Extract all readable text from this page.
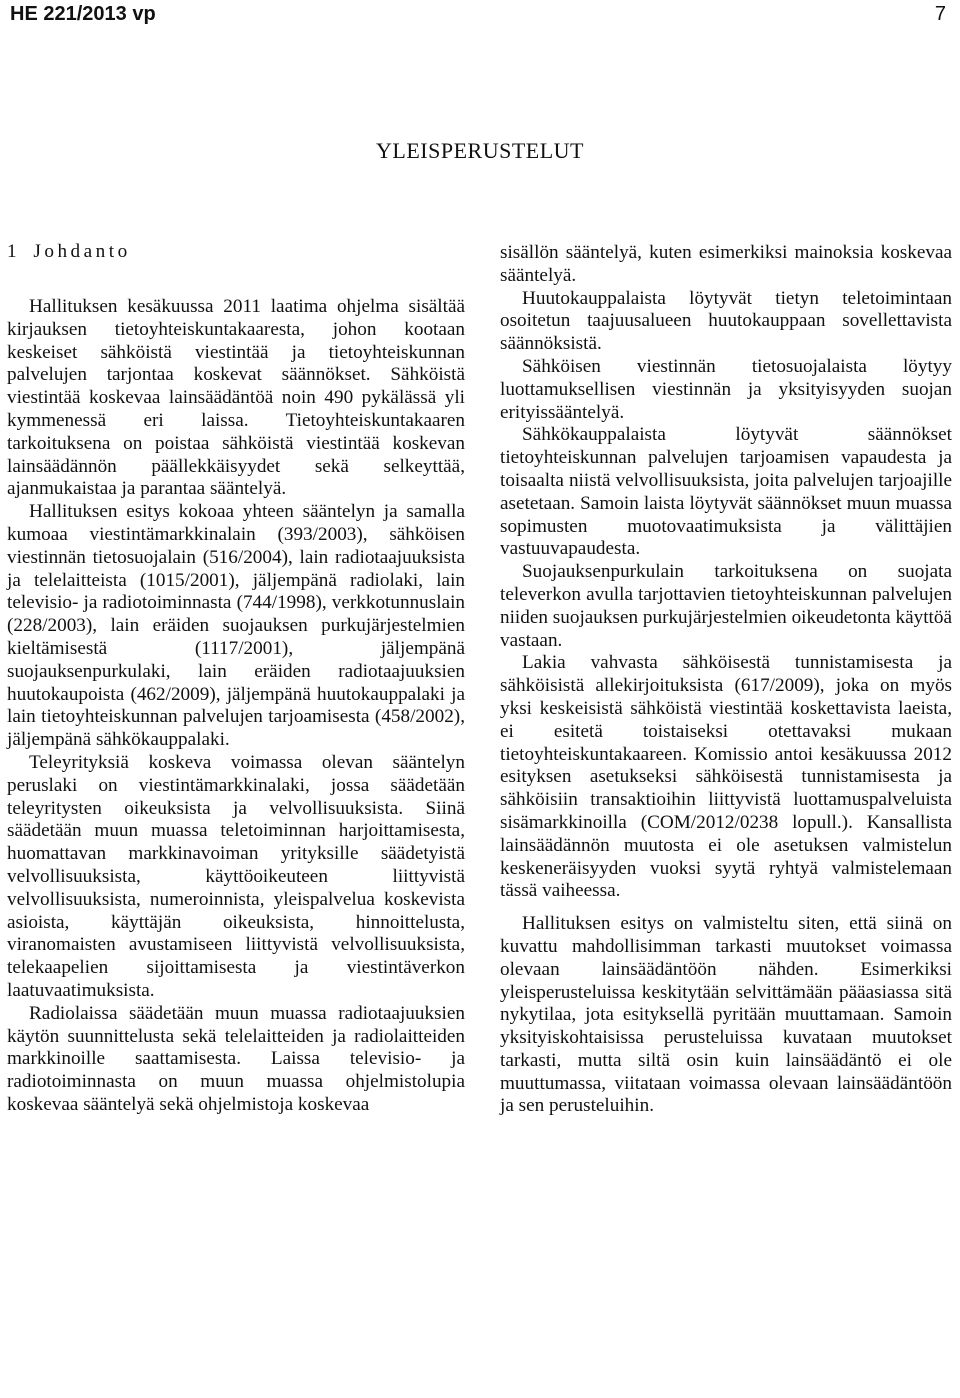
HE 221/2013 vp	7
YLEISPERUSTELUT
1 Johdanto

Hallituksen kesäkuussa 2011 laatima ohjelma sisältää kirjauksen tietoyhteiskuntakaaresta, johon kootaan keskeiset sähköistä viestintää ja tietoyhteiskunnan palvelujen tarjontaa koskevat säännökset. Sähköistä viestintää koskevaa lainsäädäntöä noin 490 pykälässä yli kymmenessä eri laissa. Tietoyhteiskuntakaaren tarkoituksena on poistaa sähköistä viestintää koskevan lainsäädännön päällekkäisyydet sekä selkeyttää, ajanmukaistaa ja parantaa sääntelyä.

Hallituksen esitys kokoaa yhteen sääntelyn ja samalla kumoaa viestintämarkkinalain (393/2003), sähköisen viestinnän tietosuojalain (516/2004), lain radiotaajuuksista ja telelaitteista (1015/2001), jäljempänä radiolaki, lain televisio- ja radiotoiminnasta (744/1998), verkkotunnuslain (228/2003), lain eräiden suojauksen purkujärjestelmien kieltämisestä (1117/2001), jäljempänä suojauksenpurkulaki, lain eräiden radiotaajuuksien huutokaupoista (462/2009), jäljempänä huutokauppalaki ja lain tietoyhteiskunnan palvelujen tarjoamisesta (458/2002), jäljempänä sähkökauppalaki.

Teleyrityksiä koskeva voimassa olevan sääntelyn peruslaki on viestintämarkkinalaki, jossa säädetään teleyritysten oikeuksista ja velvollisuuksista. Siinä säädetään muun muassa teletoiminnan harjoittamisesta, huomattavan markkinavoiman yrityksille säädetyistä velvollisuuksista, käyttöoikeuteen liittyvistä velvollisuuksista, numeroinnista, yleispalvelua koskevista asioista, käyttäjän oikeuksista, hinnoittelusta, viranomaisten avustamiseen liittyvistä velvollisuuksista, telekaapelien sijoittamisesta ja viestintäverkon laatuvaatimuksista.

Radiolaissa säädetään muun muassa radiotaajuuksien käytön suunnittelusta sekä telelaitteiden ja radiolaitteiden markkinoille saattamisesta. Laissa televisio- ja radiotoiminnasta on muun muassa ohjelmistolupia koskevaa sääntelyä sekä ohjelmistoja koskevaa

sisällön sääntelyä, kuten esimerkiksi mainoksia koskevaa sääntelyä.

Huutokauppalaista löytyvät tietyn teletoimintaan osoitetun taajuusalueen huutokauppaan sovellettavista säännöksistä.

Sähköisen viestinnän tietosuojalaista löytyy luottamuksellisen viestinnän ja yksityisyyden suojan erityissääntelyä.

Sähkökauppalaista löytyvät säännökset tietoyhteiskunnan palvelujen tarjoamisen vapaudesta ja toisaalta niistä velvollisuuksista, joita palvelujen tarjoajille asetetaan. Samoin laista löytyvät säännökset muun muassa sopimusten muotovaatimuksista ja välittäjien vastuuvapaudesta.

Suojauksenpurkulain tarkoituksena on suojata televerkon avulla tarjottavien tietoyhteiskunnan palvelujen niiden suojauksen purkujärjestelmien oikeudetonta käyttöä vastaan.

Lakia vahvasta sähköisestä tunnistamisesta ja sähköisistä allekirjoituksista (617/2009), joka on myös yksi keskeisistä sähköistä viestintää koskettavista laeista, ei esitetä toistaiseksi otettavaksi mukaan tietoyhteiskuntakaareen. Komissio antoi kesäkuussa 2012 esityksen asetukseksi sähköisestä tunnistamisesta ja sähköisiin transaktioihin liittyvistä luottamuspalveluista sisämarkkinoilla (COM/2012/0238 lopull.). Kansallista lainsäädännön muutosta ei ole asetuksen valmistelun keskeneräisyyden vuoksi syytä ryhtyä valmistelemaan tässä vaiheessa.

Hallituksen esitys on valmisteltu siten, että siinä on kuvattu mahdollisimman tarkasti muutokset voimassa olevaan lainsäädäntöön nähden. Esimerkiksi yleisperusteluissa keskitytään selvittämään pääasiassa sitä nykytilaa, jota esityksellä pyritään muuttamaan. Samoin yksityiskohtaisissa perusteluissa kuvataan muutokset tarkasti, mutta siltä osin kuin lainsäädäntö ei ole muuttumassa, viitataan voimassa olevaan lainsäädäntöön ja sen perusteluihin.
